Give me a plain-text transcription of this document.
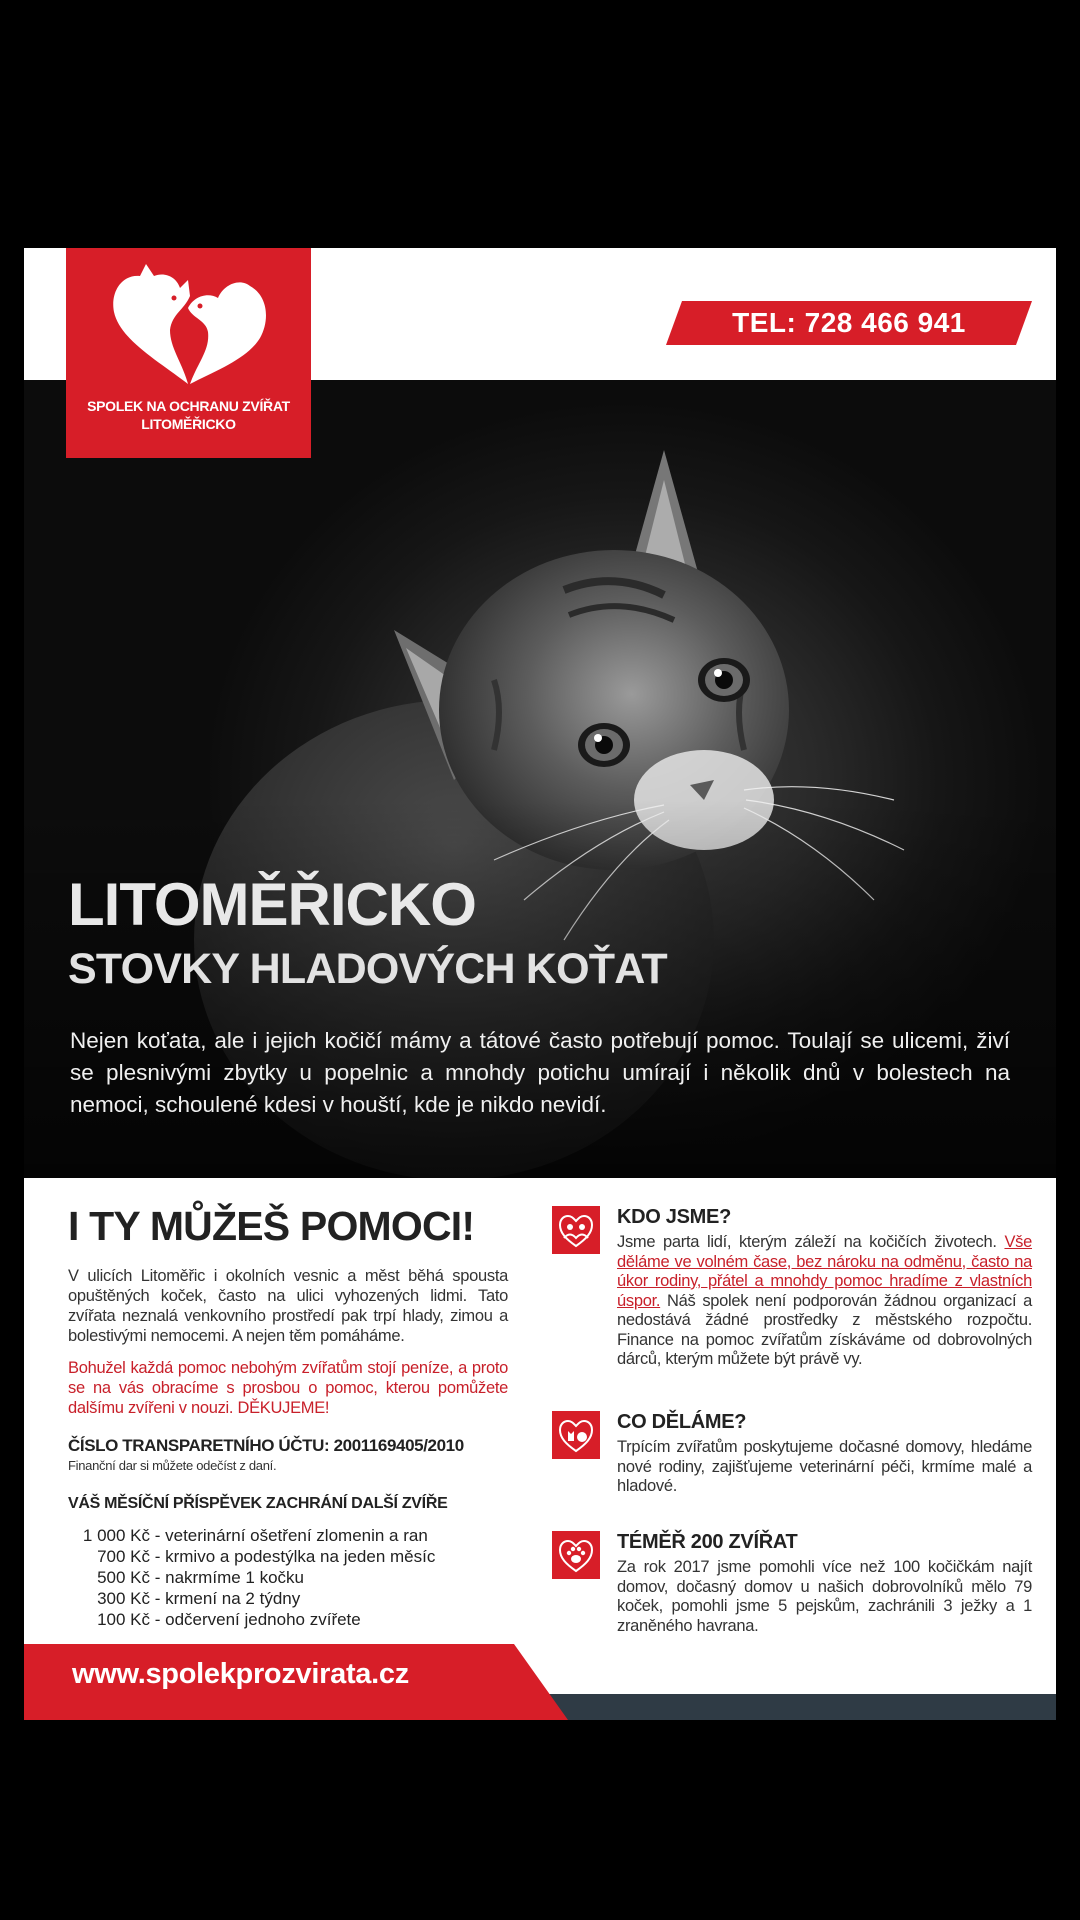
TEL: 728 466 941
SPOLEK NA OCHRANU ZVÍŘAT
LITOMĚŘICKO
LITOMĚŘICKO
STOVKY HLADOVÝCH KOŤAT

Nejen koťata, ale i jejich kočičí mámy a tátové často potřebují pomoc. Toulají se ulicemi, živí se plesnivými zbytky u popelnic a mnohdy potichu umírají i několik dnů v bolestech na nemoci, schoulené kdesi v houští, kde je nikdo nevidí.

I TY MŮŽEŠ POMOCI!

V ulicích Litoměřic i okolních vesnic a měst běhá spousta opuštěných koček, často na ulici vyhozených lidmi. Tato zvířata neznalá venkovního prostředí pak trpí hlady, zimou a bolestivými nemocemi. A nejen těm pomáháme.

Bohužel každá pomoc nebohým zvířatům stojí peníze, a proto se na vás obracíme s prosbou o pomoc, kterou pomůžete dalšímu zvířeni v nouzi. DĚKUJEME!

ČÍSLO TRANSPARETNÍHO ÚČTU: 2001169405/2010

Finanční dar si můžete odečíst z daní.

VÁŠ MĚSÍČNÍ PŘÍSPĚVEK ZACHRÁNÍ DALŠÍ ZVÍŘE

1 000 Kč - veterinární ošetření zlomenin a ran
700 Kč - krmivo a podestýlka na jeden měsíc
500 Kč - nakrmíme 1 kočku
300 Kč - krmení na 2 týdny
100 Kč - odčervení jednoho zvířete
KDO JSME?

Jsme parta lidí, kterým záleží na kočičích životech. Vše děláme ve volném čase, bez nároku na odměnu, často na úkor rodiny, přátel a mnohdy pomoc hradíme z vlastních úspor. Náš spolek není podporován žádnou organizací a nedostává žádné prostředky z městského rozpočtu. Finance na pomoc zvířatům získáváme od dobrovolných dárců, kterým můžete být právě vy.

CO DĚLÁME?

Trpícím zvířatům poskytujeme dočasné domovy, hledáme nové rodiny, zajišťujeme veterinární péči, krmíme malé a hladové.

TÉMĚŘ 200 ZVÍŘAT

Za rok 2017 jsme pomohli více než 100 kočičkám najít domov, dočasný domov u našich dobrovolníků mělo 79 koček, pomohli jsme 5 pejskům, zachránili 3 ježky a 1 zraněného havrana.

www.spolekprozvirata.cz
